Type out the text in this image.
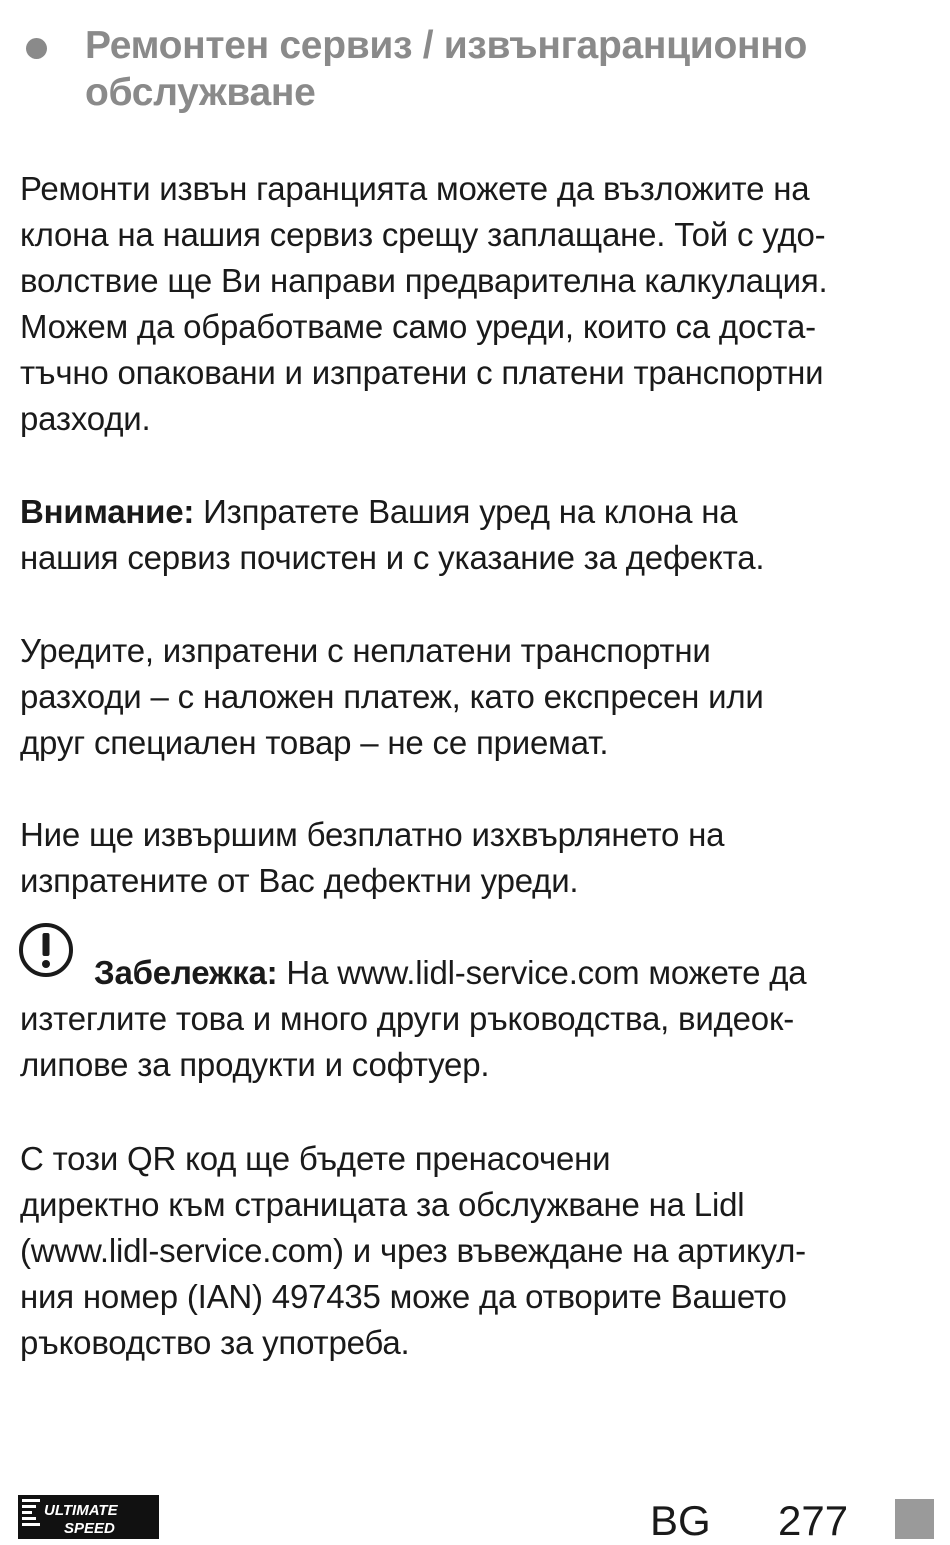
Ремонтен сервиз / извънгаранционно
обслужване

Ремонти извън гаранцията можете да възложите на
клона на нашия сервиз срещу заплащане. Той с удо-
волствие ще Ви направи предварителна калкулация.
Можем да обработваме само уреди, които са доста-
тъчно опаковани и изпратени с платени транспортни
разходи.

Внимание: Изпратете Вашия уред на клона на
нашия сервиз почистен и с указание за дефекта.

Уредите, изпратени с неплатени транспортни
разходи – с наложен платеж, като експресен или
друг специален товар – не се приемат.

Ние ще извършим безплатно изхвърлянето на
изпратените от Вас дефектни уреди.

Забележка: На www.lidl-service.com можете да
изтеглите това и много други ръководства, видеок-
липове за продукти и софтуер.

С този QR код ще бъдете пренасочени
директно към страницата за обслужване на Lidl
(www.lidl-service.com) и чрез въвеждане на артикул-
ния номер (IAN) 497435 може да отворите Вашето
ръководство за употреба.

ULTIMATE
SPEED	BG 277
